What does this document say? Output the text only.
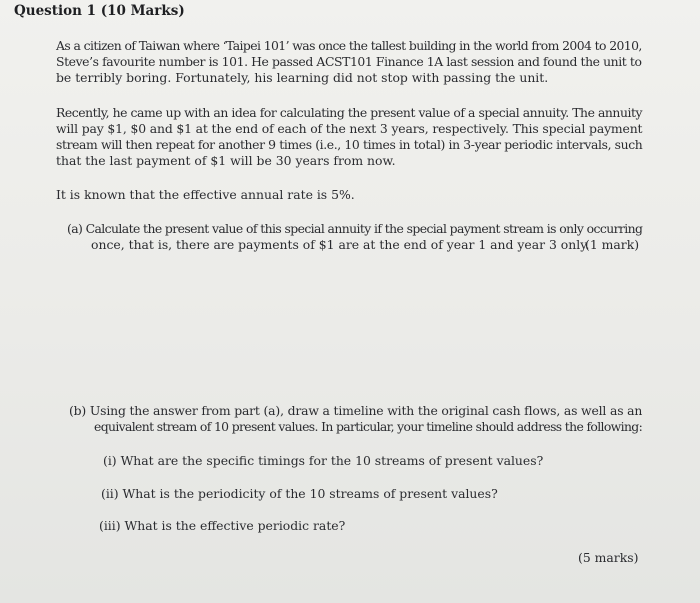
Question 1 (10 Marks)
As a citizen of Taiwan where ‘Taipei 101’ was once the tallest building in the world from 2004 to 2010,
Steve’s favourite number is 101. He passed ACST101 Finance 1A last session and found the unit to
be terribly boring. Fortunately, his learning did not stop with passing the unit.
Recently, he came up with an idea for calculating the present value of a special annuity. The annuity
will pay $1, $0 and $1 at the end of each of the next 3 years, respectively. This special payment
stream will then repeat for another 9 times (i.e., 10 times in total) in 3-year periodic intervals, such
that the last payment of $1 will be 30 years from now.
It is known that the effective annual rate is 5%.
(a) Calculate the present value of this special annuity if the special payment stream is only occurring
once, that is, there are payments of $1 are at the end of year 1 and year 3 only.
(1 mark)
(b) Using the answer from part (a), draw a timeline with the original cash flows, as well as an
equivalent stream of 10 present values. In particular, your timeline should address the following:
(i) What are the specific timings for the 10 streams of present values?
(ii) What is the periodicity of the 10 streams of present values?
(iii) What is the effective periodic rate?
(5 marks)
